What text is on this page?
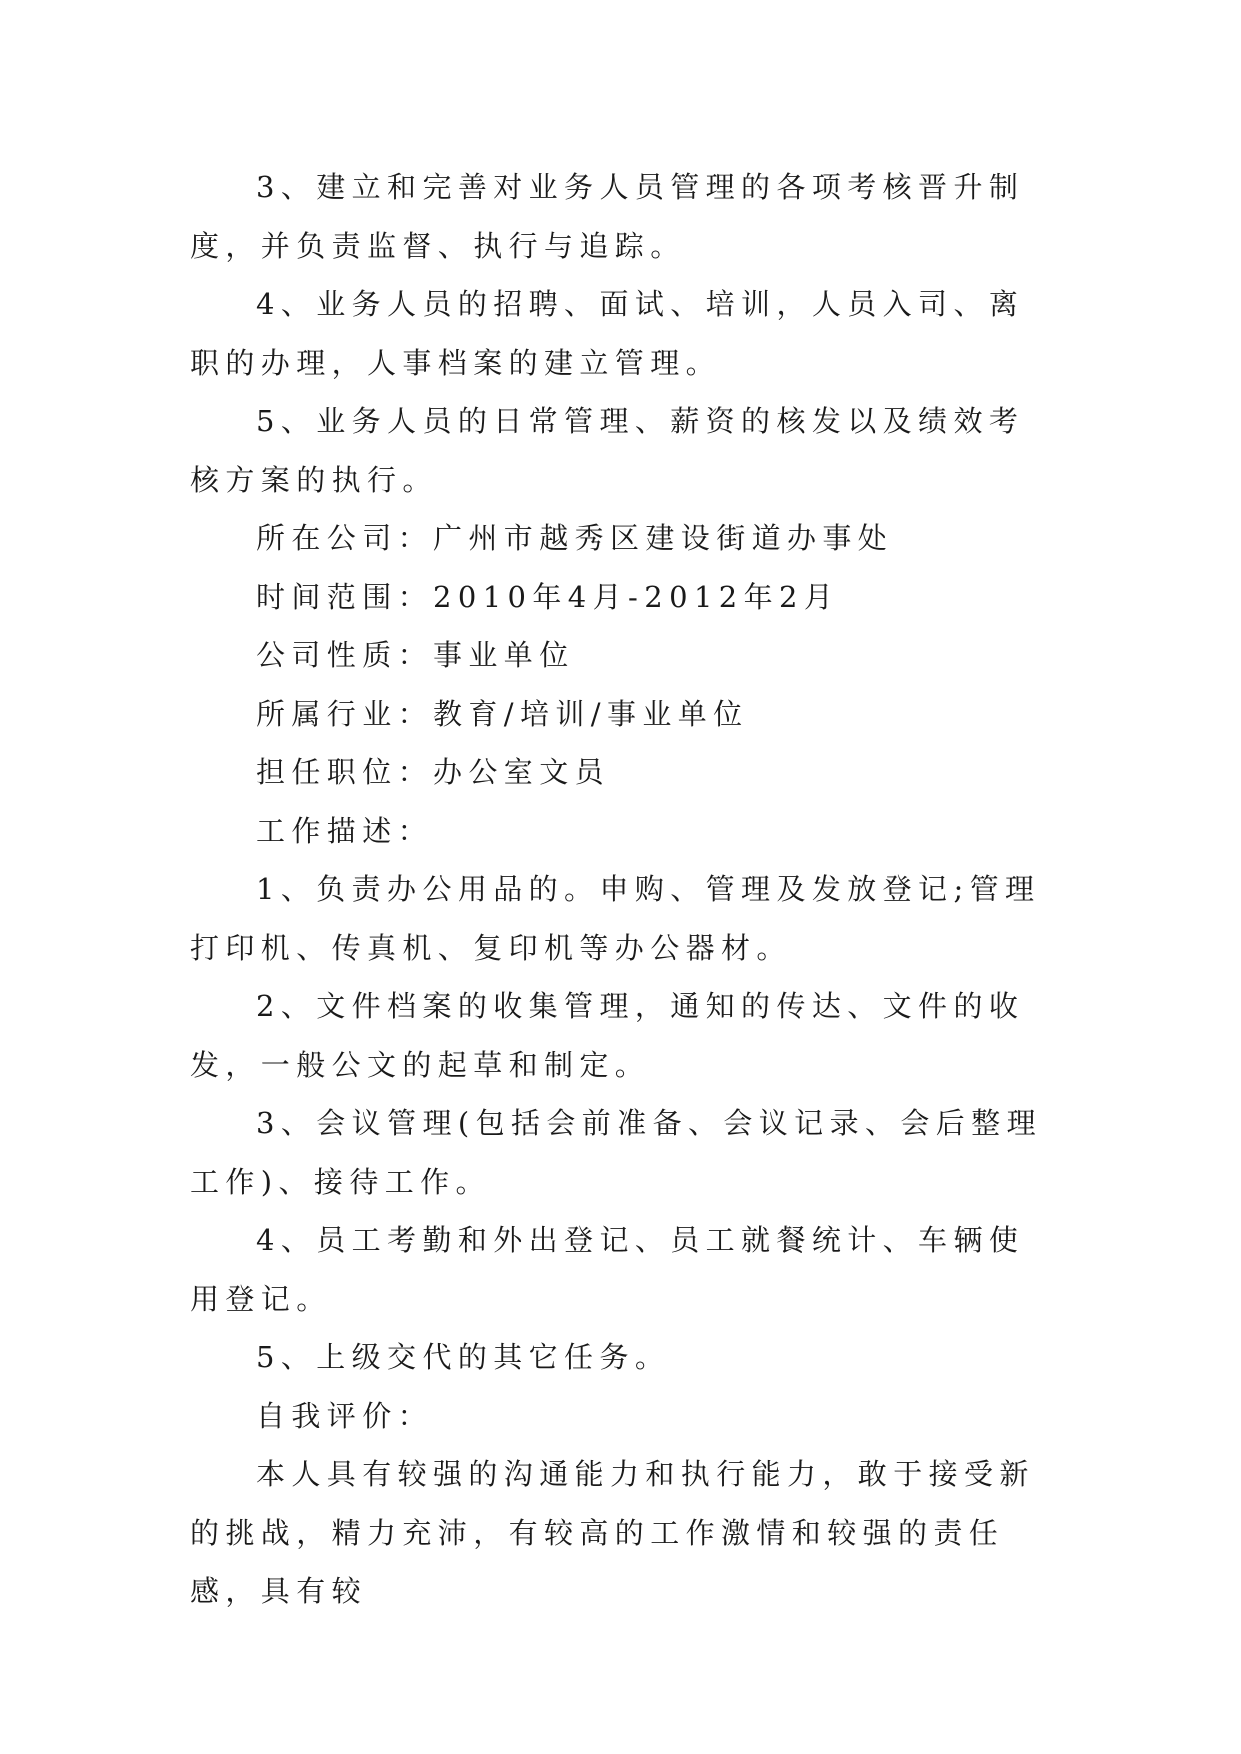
3、建立和完善对业务人员管理的各项考核晋升制度，并负责监督、执行与追踪。

4、业务人员的招聘、面试、培训，人员入司、离职的办理，人事档案的建立管理。

5、业务人员的日常管理、薪资的核发以及绩效考核方案的执行。

所在公司：广州市越秀区建设街道办事处

时间范围：2010年4月-2012年2月

公司性质：事业单位

所属行业：教育/培训/事业单位

担任职位：办公室文员

工作描述：

1、负责办公用品的。申购、管理及发放登记;管理打印机、传真机、复印机等办公器材。

2、文件档案的收集管理，通知的传达、文件的收发，一般公文的起草和制定。

3、会议管理(包括会前准备、会议记录、会后整理工作)、接待工作。

4、员工考勤和外出登记、员工就餐统计、车辆使用登记。

5、上级交代的其它任务。

自我评价：

本人具有较强的沟通能力和执行能力，敢于接受新的挑战，精力充沛，有较高的工作激情和较强的责任感，具有较
